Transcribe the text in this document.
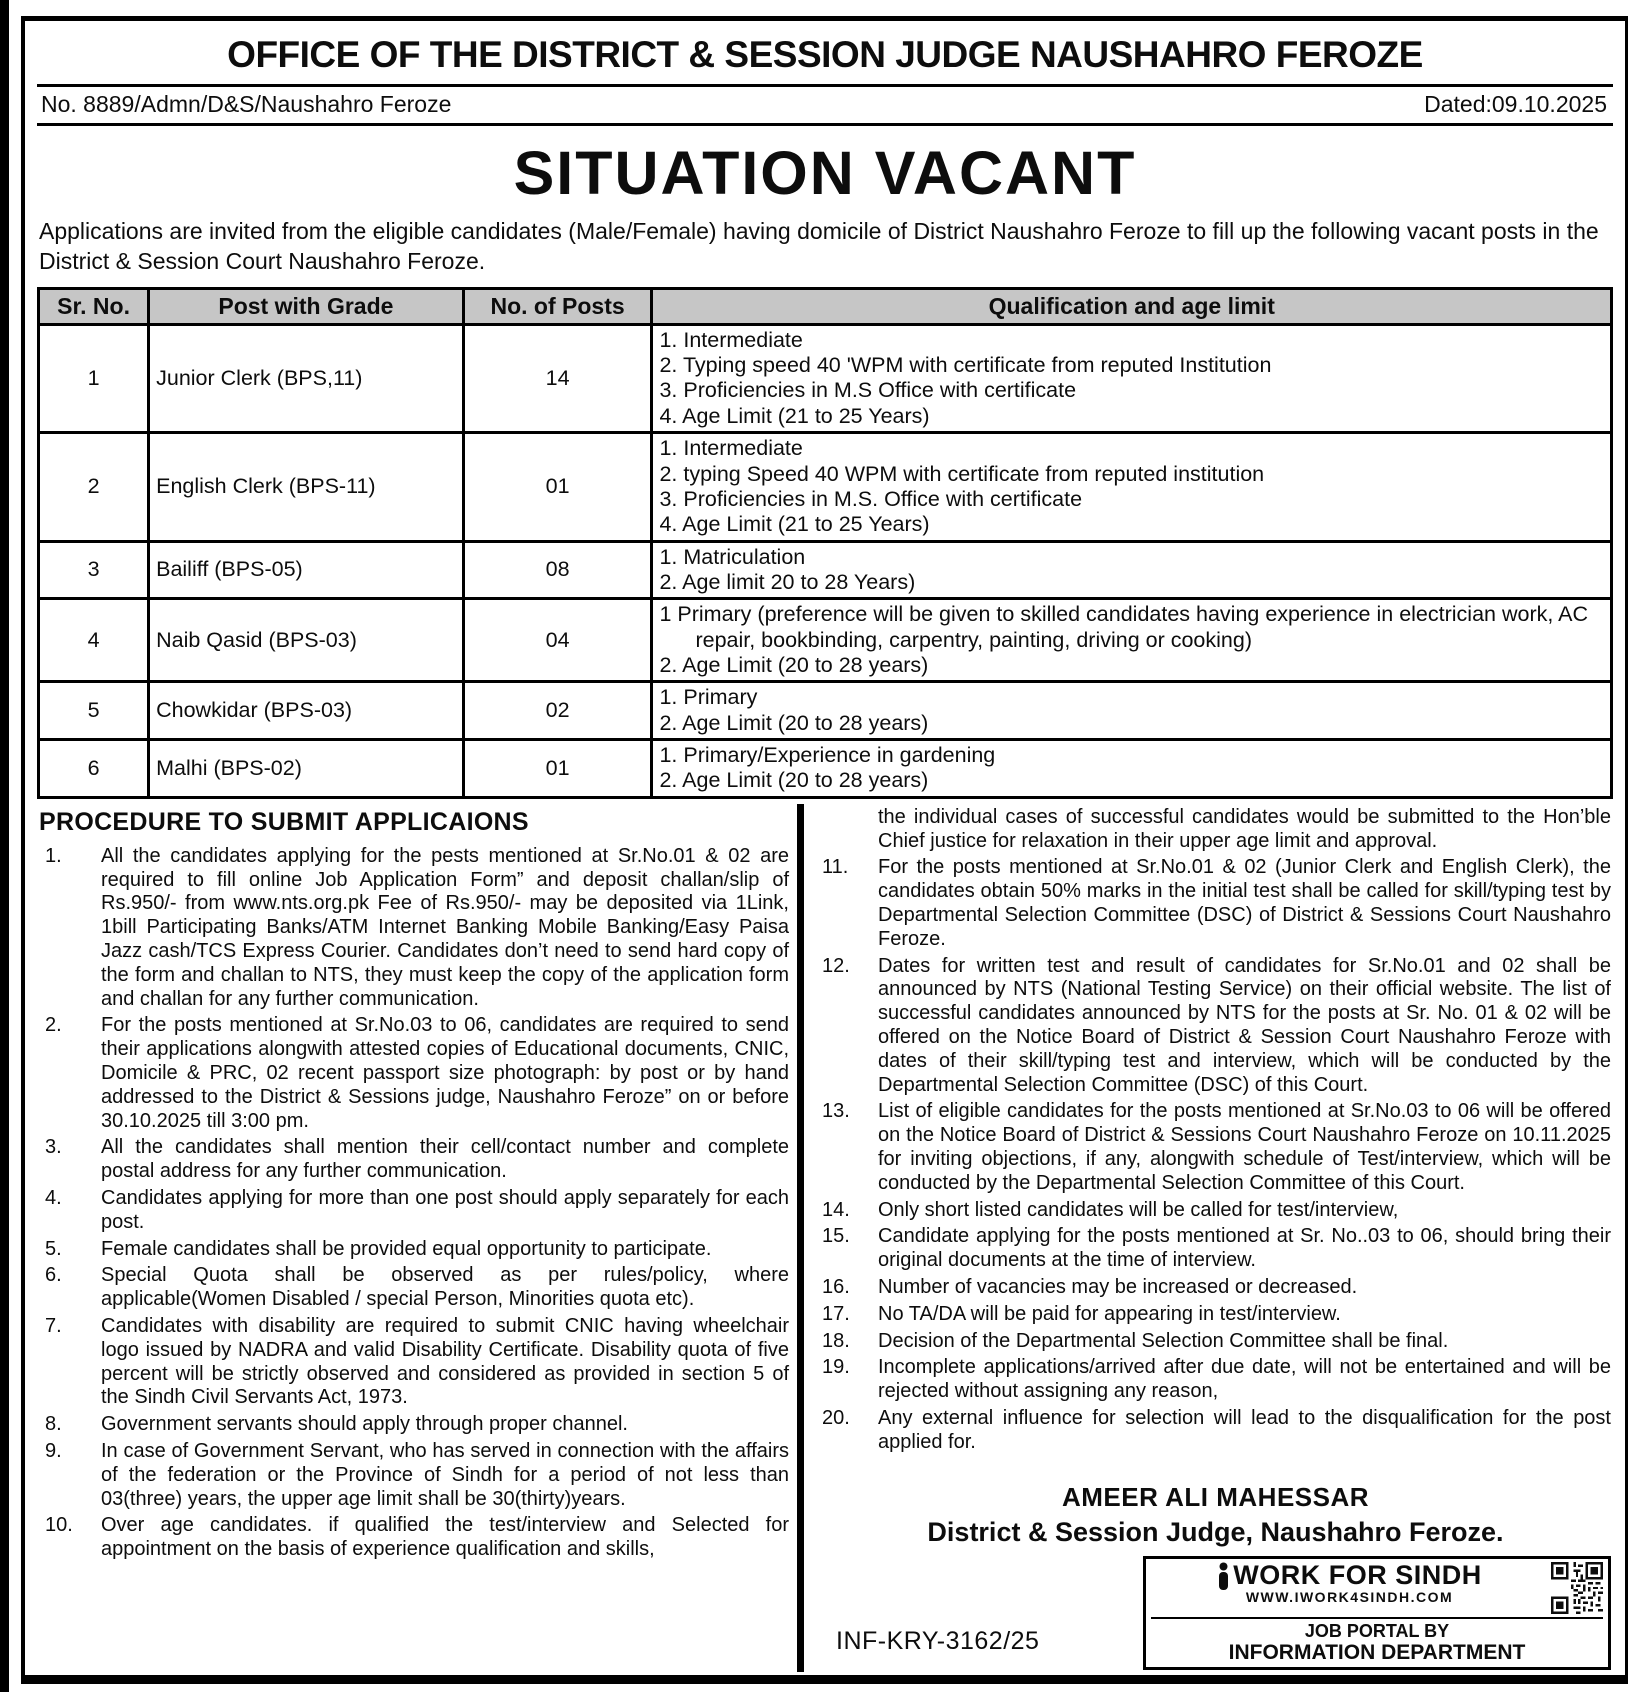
OFFICE OF THE DISTRICT & SESSION JUDGE NAUSHAHRO FEROZE
No. 8889/Admn/D&S/Naushahro Feroze	Dated:09.10.2025
SITUATION VACANT
Applications are invited from the eligible candidates (Male/Female) having domicile of District Naushahro Feroze to fill up the following vacant posts in the District & Session Court Naushahro Feroze.
Sr. No.	Post with Grade	No. of Posts	Qualification and age limit
1	Junior Clerk (BPS,11)	14	1. Intermediate
2. Typing speed 40 'WPM with certificate from reputed Institution
3. Proficiencies in M.S Office with certificate
4. Age Limit (21 to 25 Years)

2	English Clerk (BPS-11)	01	1. Intermediate
2. typing Speed 40 WPM with certificate from reputed institution
3. Proficiencies in M.S. Office with certificate
4. Age Limit (21 to 25 Years)

3	Bailiff (BPS-05)	08	1. Matriculation
2. Age limit 20 to 28 Years)

4	Naib Qasid (BPS-03)	04	1 Primary (preference will be given to skilled candidates having experience in electrician work, AC repair, bookbinding, carpentry, painting, driving or cooking)
2. Age Limit (20 to 28 years)

5	Chowkidar (BPS-03)	02	1. Primary
2. Age Limit (20 to 28 years)

6	Malhi (BPS-02)	01	1. Primary/Experience in gardening
2. Age Limit (20 to 28 years)
PROCEDURE TO SUBMIT APPLICAIONS
1.	All the candidates applying for the pests mentioned at Sr.No.01 & 02 are required to fill online Job Application Form” and deposit challan/slip of Rs.950/- from www.nts.org.pk Fee of Rs.950/- may be deposited via 1Link, 1bill Participating Banks/ATM Internet Banking Mobile Banking/Easy Paisa Jazz cash/TCS Express Courier. Candidates don’t need to send hard copy of the form and challan to NTS, they must keep the copy of the application form and challan for any further communication.
2.	For the posts mentioned at Sr.No.03 to 06, candidates are required to send their applications alongwith attested copies of Educational documents, CNIC, Domicile & PRC, 02 recent passport size photograph: by post or by hand addressed to the District & Sessions judge, Naushahro Feroze” on or before 30.10.2025 till 3:00 pm.
3.	All the candidates shall mention their cell/contact number and complete postal address for any further communication.
4.	Candidates applying for more than one post should apply separately for each post.
5.	Female candidates shall be provided equal opportunity to participate.
6.	Special Quota shall be observed as per rules/policy, where applicable(Women Disabled / special Person, Minorities quota etc).
7.	Candidates with disability are required to submit CNIC having wheelchair logo issued by NADRA and valid Disability Certificate. Disability quota of five percent will be strictly observed and considered as provided in section 5 of the Sindh Civil Servants Act, 1973.
8.	Government servants should apply through proper channel.
9.	In case of Government Servant, who has served in connection with the affairs of the federation or the Province of Sindh for a period of not less than 03(three) years, the upper age limit shall be 30(thirty)years.
10.	Over age candidates. if qualified the test/interview and Selected for appointment on the basis of experience qualification and skills,
the individual cases of successful candidates would be submitted to the Hon’ble Chief justice for relaxation in their upper age limit and approval.
11.	For the posts mentioned at Sr.No.01 & 02 (Junior Clerk and English Clerk), the candidates obtain 50% marks in the initial test shall be called for skill/typing test by Departmental Selection Committee (DSC) of District & Sessions Court Naushahro Feroze.
12.	Dates for written test and result of candidates for Sr.No.01 and 02 shall be announced by NTS (National Testing Service) on their official website. The list of successful candidates announced by NTS for the posts at Sr. No. 01 & 02 will be offered on the Notice Board of District & Session Court Naushahro Feroze with dates of their skill/typing test and interview, which will be conducted by the Departmental Selection Committee (DSC) of this Court.
13.	List of eligible candidates for the posts mentioned at Sr.No.03 to 06 will be offered on the Notice Board of District & Sessions Court Naushahro Feroze on 10.11.2025 for inviting objections, if any, alongwith schedule of Test/interview, which will be conducted by the Departmental Selection Committee of this Court.
14.	Only short listed candidates will be called for test/interview,
15.	Candidate applying for the posts mentioned at Sr. No..03 to 06, should bring their original documents at the time of interview.
16.	Number of vacancies may be increased or decreased.
17.	No TA/DA will be paid for appearing in test/interview.
18.	Decision of the Departmental Selection Committee shall be final.
19.	Incomplete applications/arrived after due date, will not be entertained and will be rejected without assigning any reason,
20.	Any external influence for selection will lead to the disqualification for the post applied for.
AMEER ALI MAHESSAR
District & Session Judge, Naushahro Feroze.
INF-KRY-3162/25
WORK FOR SINDH
WWW.IWORK4SINDH.COM
JOB PORTAL BY
INFORMATION DEPARTMENT
